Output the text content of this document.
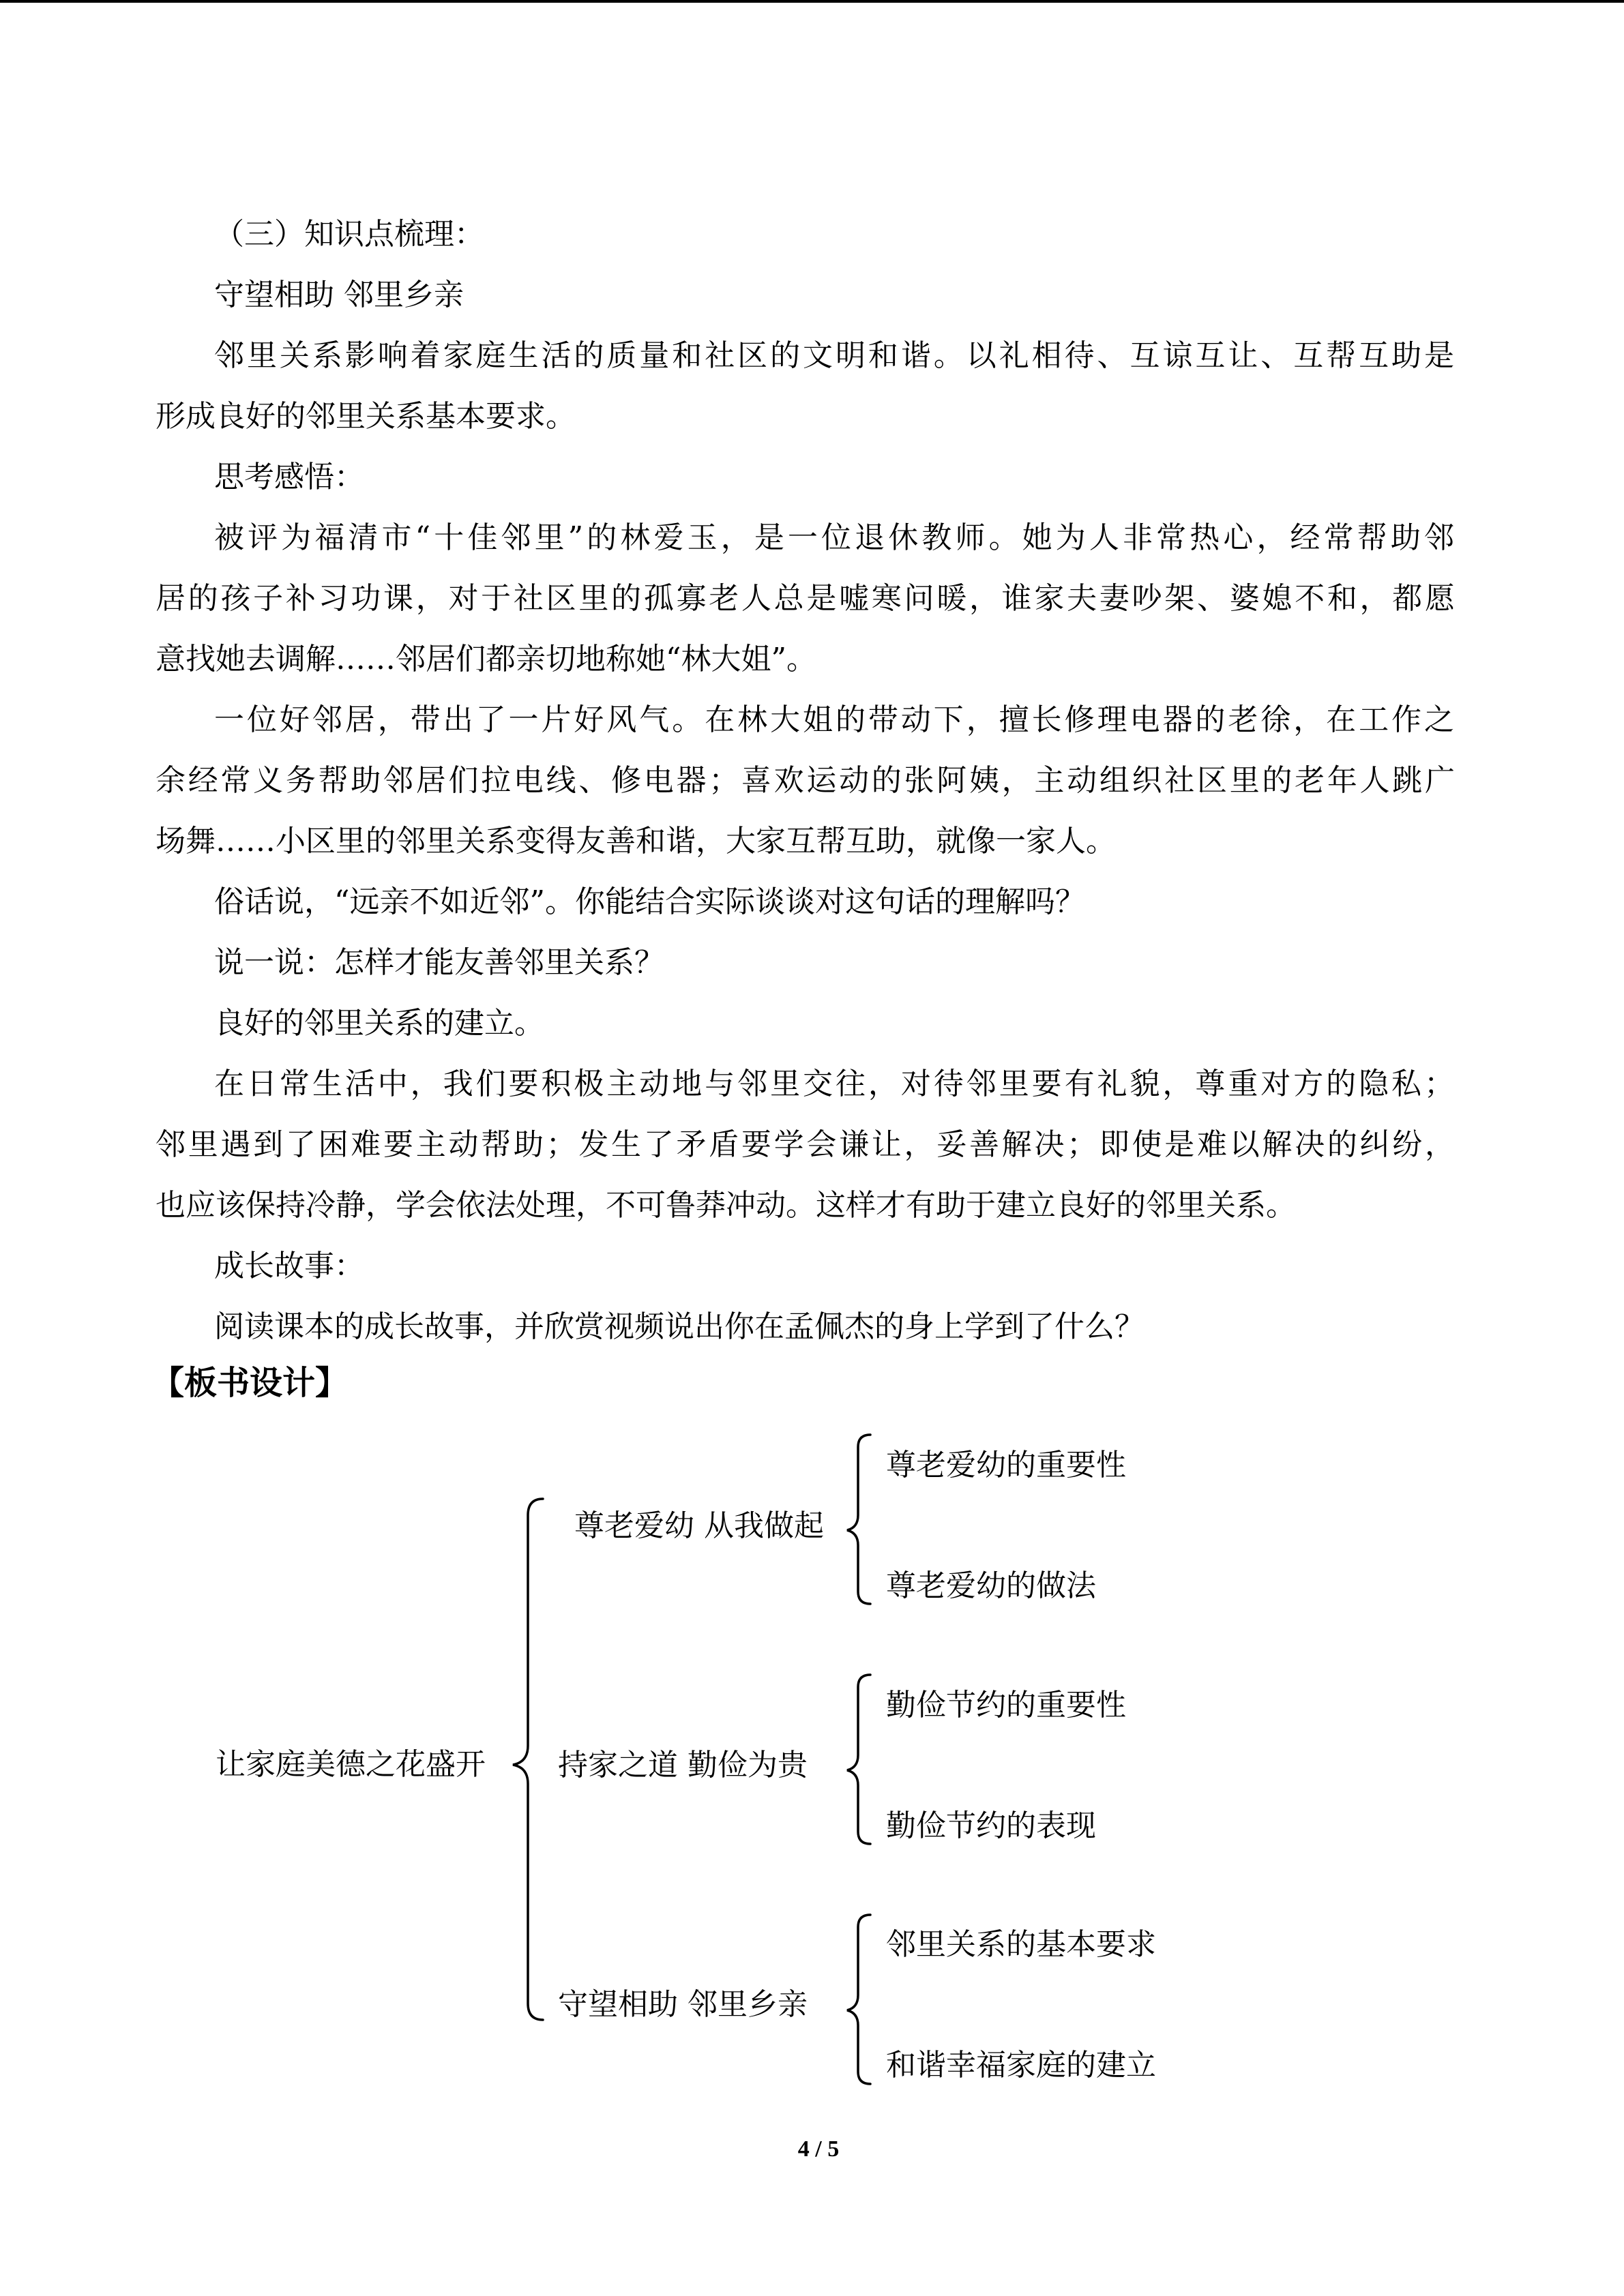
（三）知识点梳理：
守望相助 邻里乡亲
邻里关系影响着家庭生活的质量和社区的文明和谐。以礼相待、互谅互让、互帮互助是
形成良好的邻里关系基本要求。
思考感悟：
被评为福清市“十佳邻里”的林爱玉，是一位退休教师。她为人非常热心，经常帮助邻
居的孩子补习功课，对于社区里的孤寡老人总是嘘寒问暖，谁家夫妻吵架、婆媳不和，都愿
意找她去调解……邻居们都亲切地称她“林大姐”。
一位好邻居，带出了一片好风气。在林大姐的带动下，擅长修理电器的老徐，在工作之
余经常义务帮助邻居们拉电线、修电器；喜欢运动的张阿姨，主动组织社区里的老年人跳广
场舞……小区里的邻里关系变得友善和谐，大家互帮互助，就像一家人。
俗话说，“远亲不如近邻”。你能结合实际谈谈对这句话的理解吗？
说一说：怎样才能友善邻里关系？
良好的邻里关系的建立。
在日常生活中，我们要积极主动地与邻里交往，对待邻里要有礼貌，尊重对方的隐私；
邻里遇到了困难要主动帮助；发生了矛盾要学会谦让，妥善解决；即使是难以解决的纠纷，
也应该保持冷静，学会依法处理，不可鲁莽冲动。这样才有助于建立良好的邻里关系。
成长故事：
阅读课本的成长故事，并欣赏视频说出你在孟佩杰的身上学到了什么？
【板书设计】
让家庭美德之花盛开
尊老爱幼 从我做起
尊老爱幼的重要性
尊老爱幼的做法
持家之道 勤俭为贵
勤俭节约的重要性
勤俭节约的表现
守望相助 邻里乡亲
邻里关系的基本要求
和谐幸福家庭的建立
4 / 5
